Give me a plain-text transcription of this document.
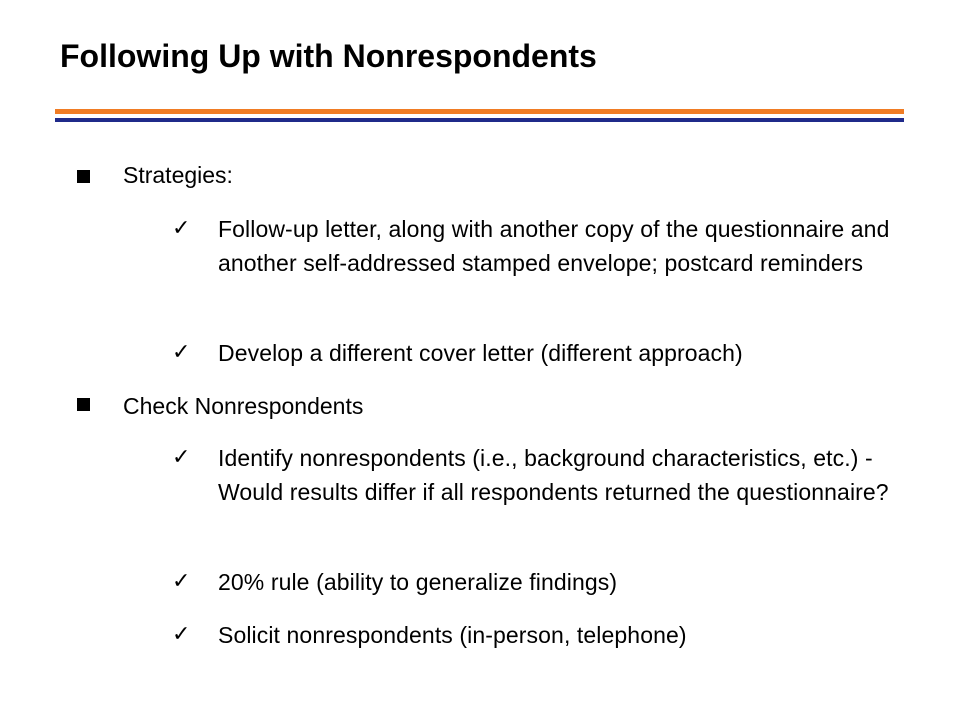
Following Up with Nonrespondents
Strategies:
✓ Follow-up letter, along with another copy of the questionnaire and another self-addressed stamped envelope; postcard reminders
✓ Develop a different cover letter (different approach)
Check Nonrespondents
✓ Identify nonrespondents (i.e., background characteristics, etc.) - Would results differ if all respondents returned the questionnaire?
✓ 20% rule (ability to generalize findings)
✓ Solicit nonrespondents (in-person, telephone)
